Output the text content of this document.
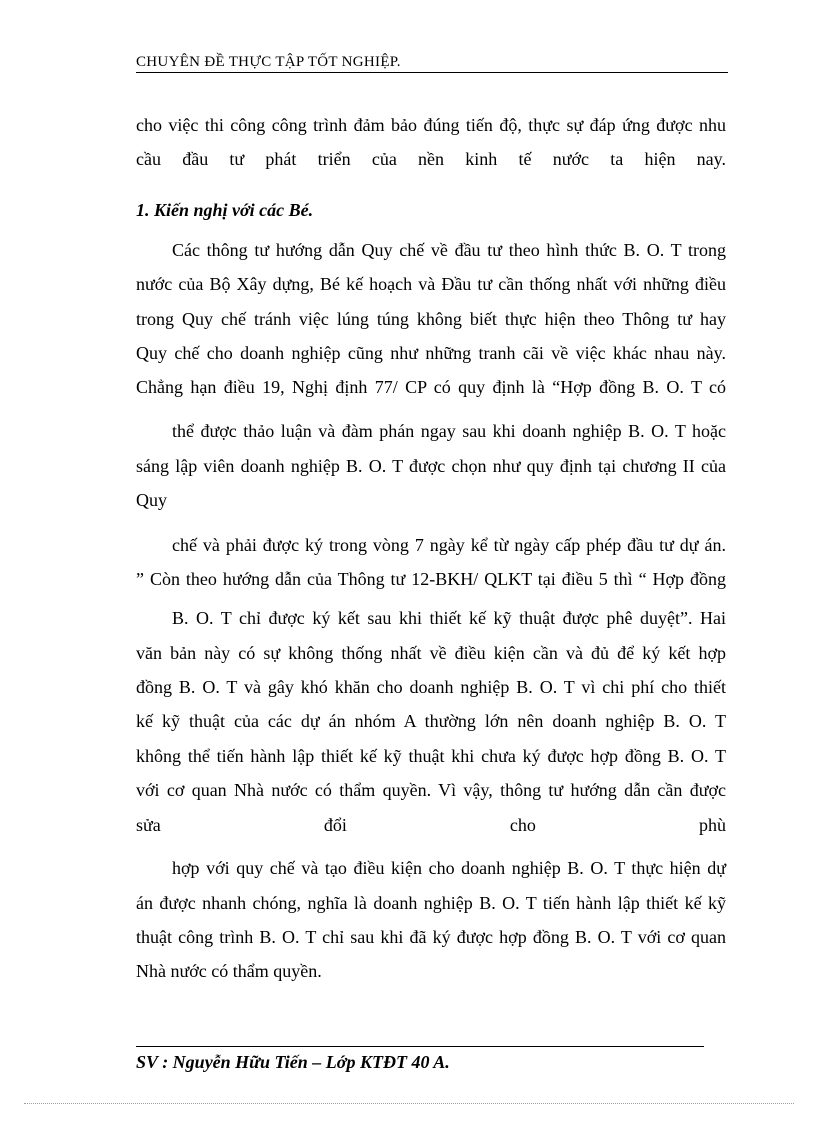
CHUYÊN ĐỀ THỰC TẬP TỐT NGHIỆP.
cho việc thi công công trình đảm bảo đúng tiến độ, thực sự đáp ứng được nhu
cầu đầu tư phát triển của nền kinh tế nước ta hiện nay.
1. Kiến nghị với các Bé.
Các thông tư hướng dẫn Quy chế về đầu tư theo hình thức B. O. T trong
nước của Bộ Xây dựng, Bé kế hoạch và Đầu tư cần thống nhất với những điều
trong Quy chế tránh việc lúng túng không biết thực hiện theo Thông tư hay
Quy chế cho doanh nghiệp cũng như những tranh cãi về việc khác nhau này.
Chẳng hạn điều 19, Nghị định 77/ CP có quy định là “Hợp đồng B. O. T có
thể được thảo luận và đàm phán ngay sau khi doanh nghiệp B. O. T hoặc
sáng lập viên doanh nghiệp B. O. T được chọn như quy định tại chương II của
Quy
chế và phải được ký trong vòng 7 ngày kể từ ngày cấp phép đầu tư dự án.
” Còn theo hướng dẫn của Thông tư 12-BKH/ QLKT tại điều 5 thì “ Hợp đồng
B. O. T chỉ được ký kết sau khi thiết kế kỹ thuật được phê duyệt”. Hai
văn bản này có sự không thống nhất về điều kiện cần và đủ để ký kết hợp
đồng B. O. T và gây khó khăn cho doanh nghiệp B. O. T vì chi phí cho thiết
kế kỹ thuật của các dự án nhóm A thường lớn nên doanh nghiệp B. O. T
không thể tiến hành lập thiết kế kỹ thuật khi chưa ký được hợp đồng B. O. T
với cơ quan Nhà nước có thẩm quyền. Vì vậy, thông tư hướng dẫn cần được
sửa đổi cho phù
hợp với quy chế và tạo điều kiện cho doanh nghiệp B. O. T thực hiện dự
án được nhanh chóng, nghĩa là doanh nghiệp B. O. T tiến hành lập thiết kế kỹ
thuật công trình B. O. T chỉ sau khi đã ký được hợp đồng B. O. T với cơ quan
Nhà nước có thẩm quyền.
SV : Nguyễn Hữu Tiến – Lớp KTĐT 40 A.
